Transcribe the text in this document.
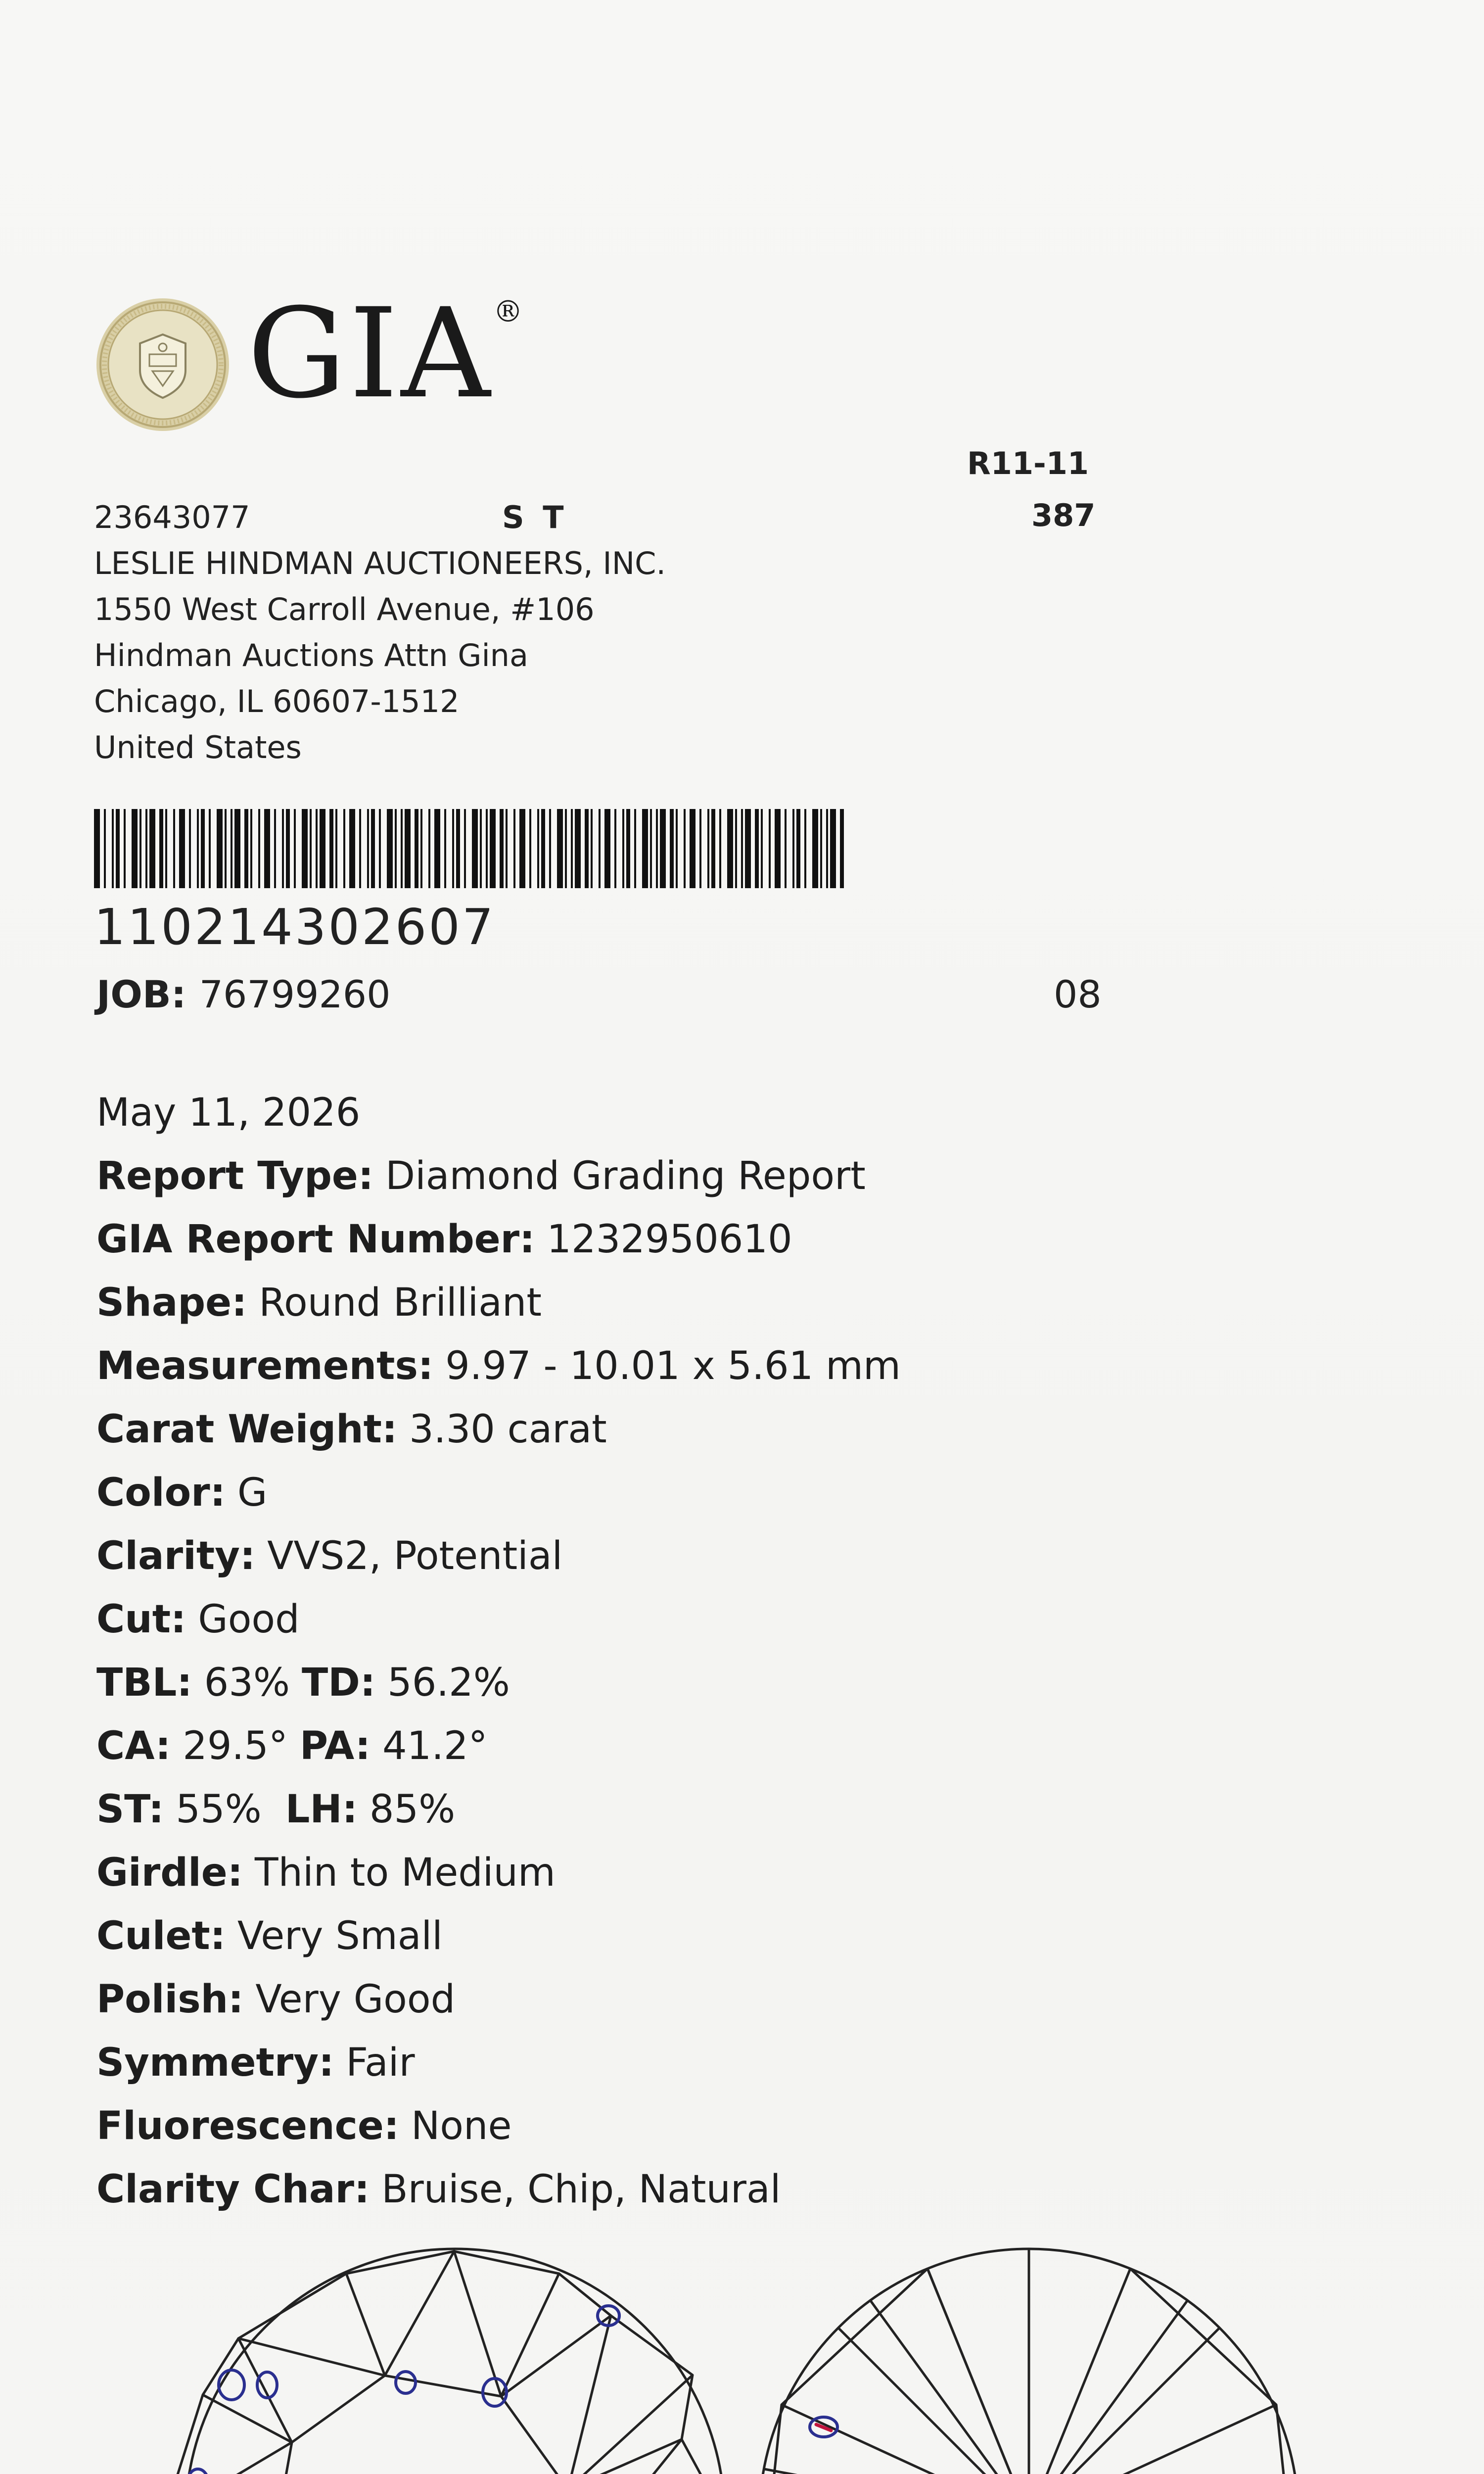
GIA®
R11-11
387
23643077	S T
LESLIE HINDMAN AUCTIONEERS, INC.
1550 West Carroll Avenue, #106
Hindman Auctions Attn Gina
Chicago, IL 60607-1512
United States
110214302607
JOB: 76799260	08
May 11, 2026
Report Type: Diamond Grading Report
GIA Report Number: 1232950610
Shape: Round Brilliant
Measurements: 9.97 - 10.01 x 5.61 mm
Carat Weight: 3.30 carat
Color: G
Clarity: VVS2, Potential
Cut: Good
TBL: 63% TD: 56.2%
CA: 29.5° PA: 41.2°
ST: 55% LH: 85%
Girdle: Thin to Medium
Culet: Very Small
Polish: Very Good
Symmetry: Fair
Fluorescence: None
Clarity Char: Bruise, Chip, Natural
